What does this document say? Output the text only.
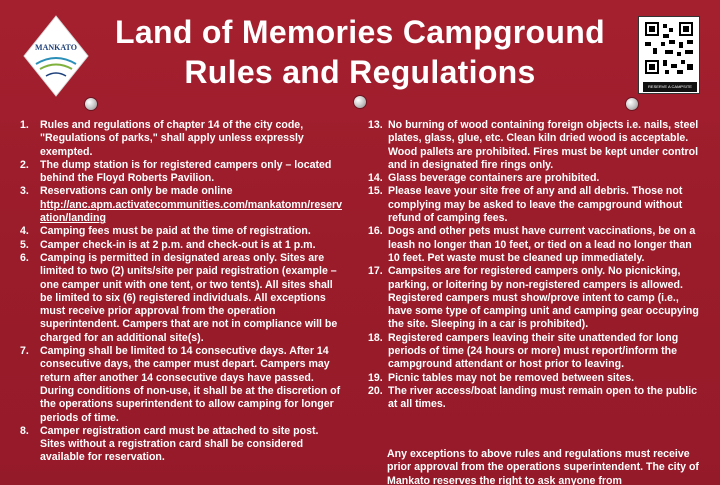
MANKATO	Land of Memories Campground
Rules and Regulations	RESERVE A CAMPSITE
1. Rules and regulations of chapter 14 of the city code, "Regulations of parks," shall apply unless expressly exempted.
2. The dump station is for registered campers only – located behind the Floyd Roberts Pavilion.
3. Reservations can only be made online
http://anc.apm.activatecommunities.com/mankatomn/reservation/landing
4. Camping fees must be paid at the time of registration.
5. Camper check-in is at 2 p.m. and check-out is at 1 p.m.
6. Camping is permitted in designated areas only. Sites are limited to two (2) units/site per paid registration (example – one camper unit with one tent, or two tents). All sites shall be limited to six (6) registered individuals. All exceptions must receive prior approval from the operation superintendent. Campers that are not in compliance will be charged for an additional site(s).
7. Camping shall be limited to 14 consecutive days. After 14 consecutive days, the camper must depart. Campers may return after another 14 consecutive days have passed. During conditions of non-use, it shall be at the discretion of the operations superintendent to allow camping for longer periods of time.
8. Camper registration card must be attached to site post. Sites without a registration card shall be considered available for reservation.
13. No burning of wood containing foreign objects i.e. nails, steel plates, glass, glue, etc. Clean kiln dried wood is acceptable. Wood pallets are prohibited. Fires must be kept under control and in designated fire rings only.
14. Glass beverage containers are prohibited.
15. Please leave your site free of any and all debris. Those not complying may be asked to leave the campground without refund of camping fees.
16. Dogs and other pets must have current vaccinations, be on a leash no longer than 10 feet, or tied on a lead no longer than 10 feet. Pet waste must be cleaned up immediately.
17. Campsites are for registered campers only. No picnicking, parking, or loitering by non-registered campers is allowed. Registered campers must show/prove intent to camp (i.e., have some type of camping unit and camping gear occupying the site. Sleeping in a car is prohibited).
18. Registered campers leaving their site unattended for long periods of time (24 hours or more) must report/inform the campground attendant or host prior to leaving.
19. Picnic tables may not be removed between sites.
20. The river access/boat landing must remain open to the public at all times.
Any exceptions to above rules and regulations must receive prior approval from the operations superintendent. The city of Mankato reserves the right to ask anyone from
